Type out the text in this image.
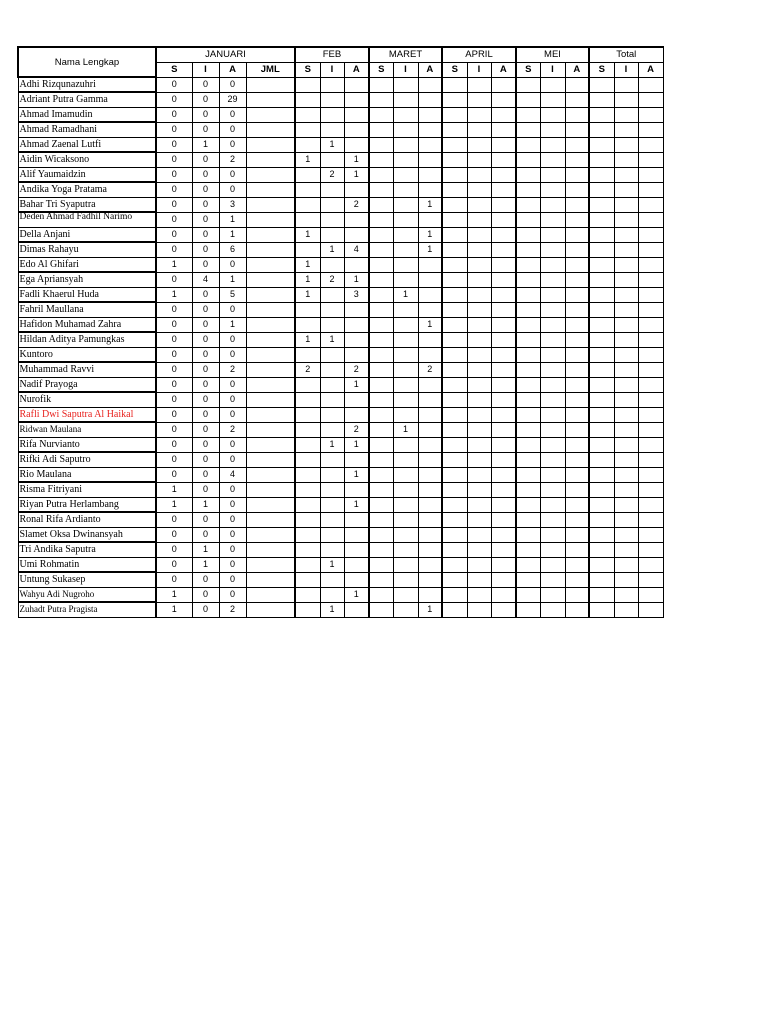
Nama Lengkap	JANUARI				FEB			MARET			APRIL			MEI			Total		
	S	I	A	JML	S	I	A	S	I	A	S	I	A	S	I	A	S	I	A
Adhi Rizqunazuhri	0	0	0																
Adriant Putra Gamma	0	0	29																
Ahmad Imamudin	0	0	0																
Ahmad Ramadhani	0	0	0																
Ahmad Zaenal Lutfi	0	1	0			1													
Aidin Wicaksono	0	0	2		1		1												
Alif Yaumaidzin	0	0	0			2	1												
Andika Yoga Pratama	0	0	0																
Bahar Tri Syaputra	0	0	3				2			1									
Deden Ahmad Fadhil Narimo	0	0	1																
Della Anjani	0	0	1		1					1									
Dimas Rahayu	0	0	6			1	4			1									
Edo Al Ghifari	1	0	0		1														
Ega Apriansyah	0	4	1		1	2	1												
Fadli Khaerul Huda	1	0	5		1		3		1										
Fahril Maullana	0	0	0																
Hafidon Muhamad Zahra	0	0	1							1									
Hildan Aditya Pamungkas	0	0	0		1	1													
Kuntoro	0	0	0																
Muhammad Ravvi	0	0	2		2		2			2									
Nadif Prayoga	0	0	0				1												
Nurofik	0	0	0																
Rafli Dwi Saputra Al Haikal	0	0	0																
Ridwan Maulana	0	0	2				2		1										
Rifa Nurvianto	0	0	0			1	1												
Rifki Adi Saputro	0	0	0																
Rio Maulana	0	0	4				1												
Risma Fitriyani	1	0	0																
Riyan Putra Herlambang	1	1	0				1												
Ronal Rifa Ardianto	0	0	0																
Slamet Oksa Dwinansyah	0	0	0																
Tri Andika Saputra	0	1	0																
Umi Rohmatin	0	1	0			1													
Untung Sukasep	0	0	0																
Wahyu Adi Nugroho	1	0	0				1												
Zuhadt Putra Pragista	1	0	2			1				1									
